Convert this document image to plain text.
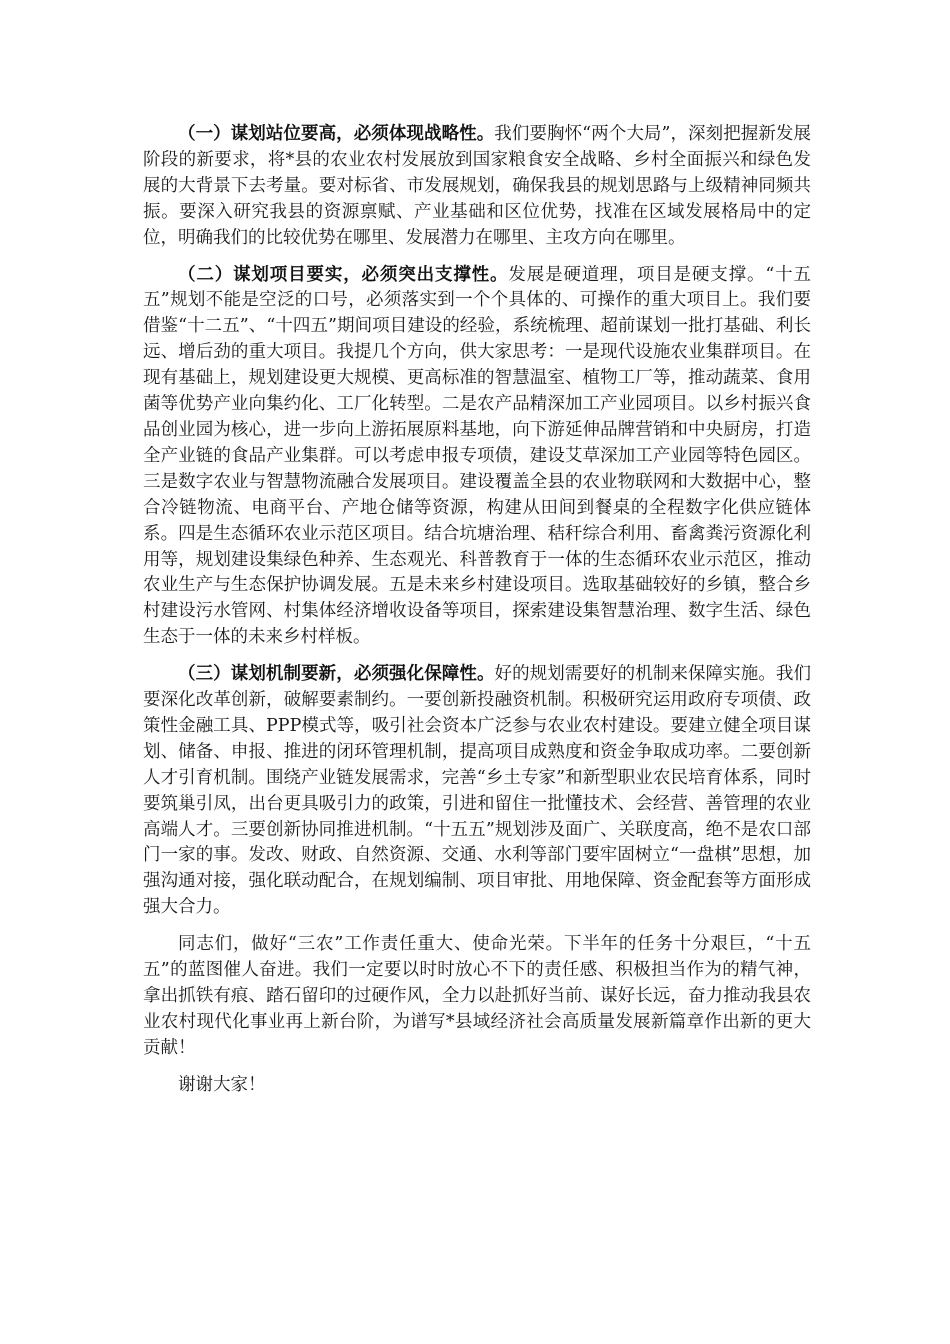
（一）谋划站位要高，必须体现战略性。我们要胸怀“两个大局”，深刻把握新发展阶段的新要求，将*县的农业农村发展放到国家粮食安全战略、乡村全面振兴和绿色发展的大背景下去考量。要对标省、市发展规划，确保我县的规划思路与上级精神同频共振。要深入研究我县的资源禀赋、产业基础和区位优势，找准在区域发展格局中的定位，明确我们的比较优势在哪里、发展潜力在哪里、主攻方向在哪里。

（二）谋划项目要实，必须突出支撑性。发展是硬道理，项目是硬支撑。“十五五”规划不能是空泛的口号，必须落实到一个个具体的、可操作的重大项目上。我们要借鉴“十二五”、“十四五”期间项目建设的经验，系统梳理、超前谋划一批打基础、利长远、增后劲的重大项目。我提几个方向，供大家思考：一是现代设施农业集群项目。在现有基础上，规划建设更大规模、更高标准的智慧温室、植物工厂等，推动蔬菜、食用菌等优势产业向集约化、工厂化转型。二是农产品精深加工产业园项目。以乡村振兴食品创业园为核心，进一步向上游拓展原料基地，向下游延伸品牌营销和中央厨房，打造全产业链的食品产业集群。可以考虑申报专项债，建设艾草深加工产业园等特色园区。三是数字农业与智慧物流融合发展项目。建设覆盖全县的农业物联网和大数据中心，整合冷链物流、电商平台、产地仓储等资源，构建从田间到餐桌的全程数字化供应链体系。四是生态循环农业示范区项目。结合坑塘治理、秸秆综合利用、畜禽粪污资源化利用等，规划建设集绿色种养、生态观光、科普教育于一体的生态循环农业示范区，推动农业生产与生态保护协调发展。五是未来乡村建设项目。选取基础较好的乡镇，整合乡村建设污水管网、村集体经济增收设备等项目，探索建设集智慧治理、数字生活、绿色生态于一体的未来乡村样板。

（三）谋划机制要新，必须强化保障性。好的规划需要好的机制来保障实施。我们要深化改革创新，破解要素制约。一要创新投融资机制。积极研究运用政府专项债、政策性金融工具、PPP模式等，吸引社会资本广泛参与农业农村建设。要建立健全项目谋划、储备、申报、推进的闭环管理机制，提高项目成熟度和资金争取成功率。二要创新人才引育机制。围绕产业链发展需求，完善“乡土专家”和新型职业农民培育体系，同时要筑巢引凤，出台更具吸引力的政策，引进和留住一批懂技术、会经营、善管理的农业高端人才。三要创新协同推进机制。“十五五”规划涉及面广、关联度高，绝不是农口部门一家的事。发改、财政、自然资源、交通、水利等部门要牢固树立“一盘棋”思想，加强沟通对接，强化联动配合，在规划编制、项目审批、用地保障、资金配套等方面形成强大合力。

同志们，做好“三农”工作责任重大、使命光荣。下半年的任务十分艰巨，“十五五”的蓝图催人奋进。我们一定要以时时放心不下的责任感、积极担当作为的精气神，拿出抓铁有痕、踏石留印的过硬作风，全力以赴抓好当前、谋好长远，奋力推动我县农业农村现代化事业再上新台阶，为谱写*县域经济社会高质量发展新篇章作出新的更大贡献！

谢谢大家！
